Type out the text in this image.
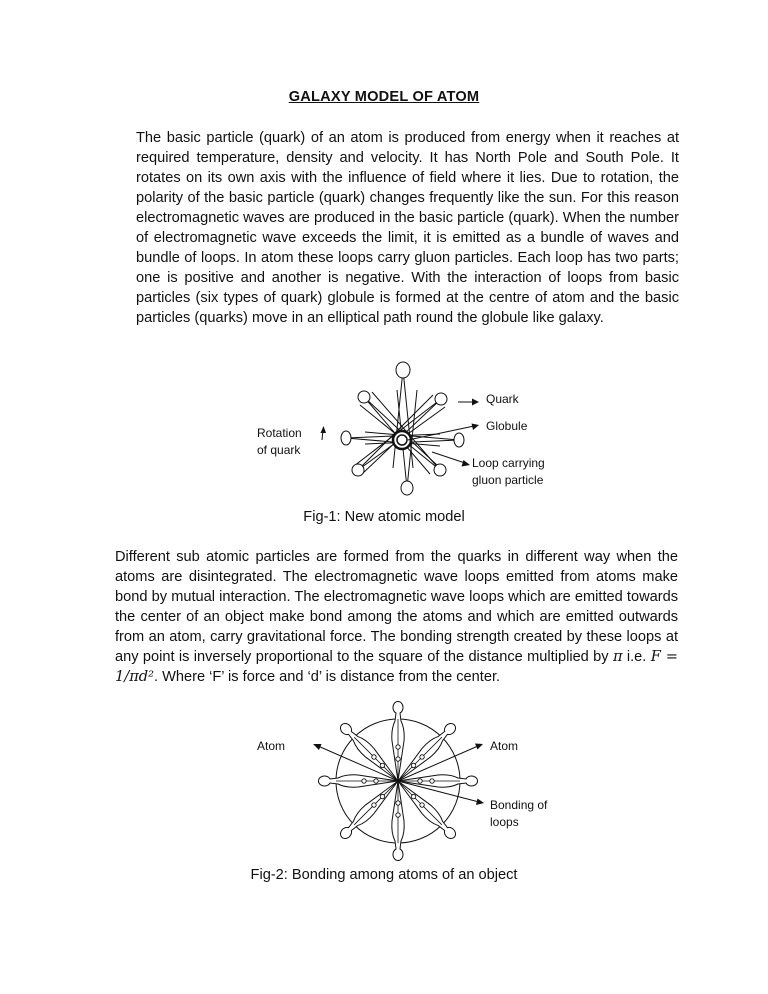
GALAXY MODEL OF ATOM

The basic particle (quark) of an atom is produced from energy when it reaches at required temperature, density and velocity. It has North Pole and South Pole. It rotates on its own axis with the influence of field where it lies. Due to rotation, the polarity of the basic particle (quark) changes frequently like the sun. For this reason electromagnetic waves are produced in the basic particle (quark). When the number of electromagnetic wave exceeds the limit, it is emitted as a bundle of waves and bundle of loops. In atom these loops carry gluon particles. Each loop has two parts; one is positive and another is negative. With the interaction of loops from basic particles (six types of quark) globule is formed at the centre of atom and the basic particles (quarks) move in an elliptical path round the globule like galaxy.

Quark

Globule

Loop carrying
gluon particle
Rotation
of quark
Fig-1: New atomic model

Different sub atomic particles are formed from the quarks in different way when the atoms are disintegrated. The electromagnetic wave loops emitted from atoms make bond by mutual interaction. The electromagnetic wave loops which are emitted towards the center of an object make bond among the atoms and which are emitted outwards from an atom, carry gravitational force. The bonding strength created by these loops at any point is inversely proportional to the square of the distance multiplied by π i.e. F = 1/πd². Where ‘F’ is force and ‘d’ is distance from the center.

Atom	Atom

Bonding of
loops
Fig-2: Bonding among atoms of an object
